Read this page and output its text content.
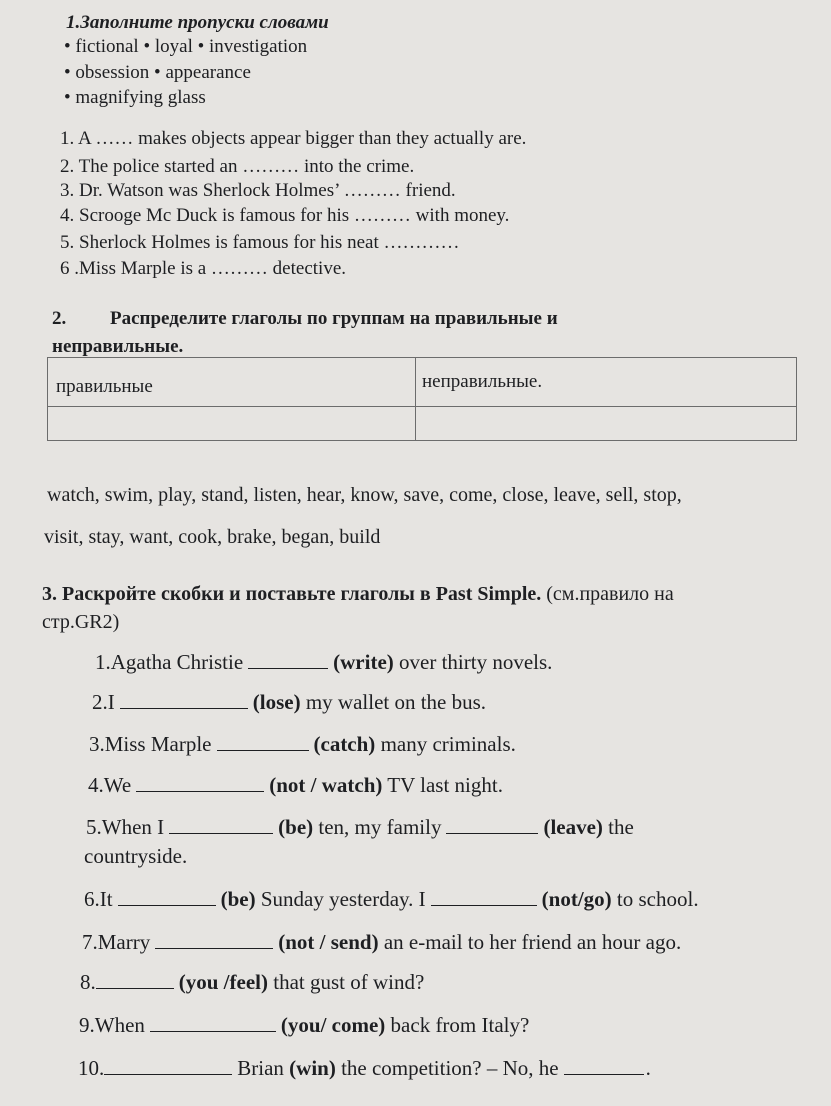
1.Заполните пропуски словами
• fictional • loyal • investigation
• obsession • appearance
• magnifying glass
1. A …… makes objects appear bigger than they actually are.
2. The police started an ……… into the crime.
3. Dr. Watson was Sherlock Holmes’ ……… friend.
4. Scrooge Mc Duck is famous for his ……… with money.
5. Sherlock Holmes is famous for his neat …………
6 .Miss Marple is a ……… detective.
2. Распределите глаголы по группам на правильные и
неправильные.
правильные	неправильные.
watch, swim, play, stand, listen, hear, know, save, come, close, leave, sell, stop,
visit, stay, want, cook, brake, began, build
3. Раскройте скобки и поставьте глаголы в Past Simple. (см.правило на
стр.GR2)
1.Agatha Christie	(write) over thirty novels.
2.I	(lose) my wallet on the bus.
3.Miss Marple	(catch) many criminals.
4.We	(not / watch) TV last night.
5.When I	(be) ten, my family	(leave) the
countryside.
6.It	(be) Sunday yesterday. I	(not/go) to school.
7.Marry	(not / send) an e-mail to her friend an hour ago.
8.	(you /feel) that gust of wind?
9.When	(you/ come) back from Italy?
10.	Brian (win) the competition? – No, he	.
